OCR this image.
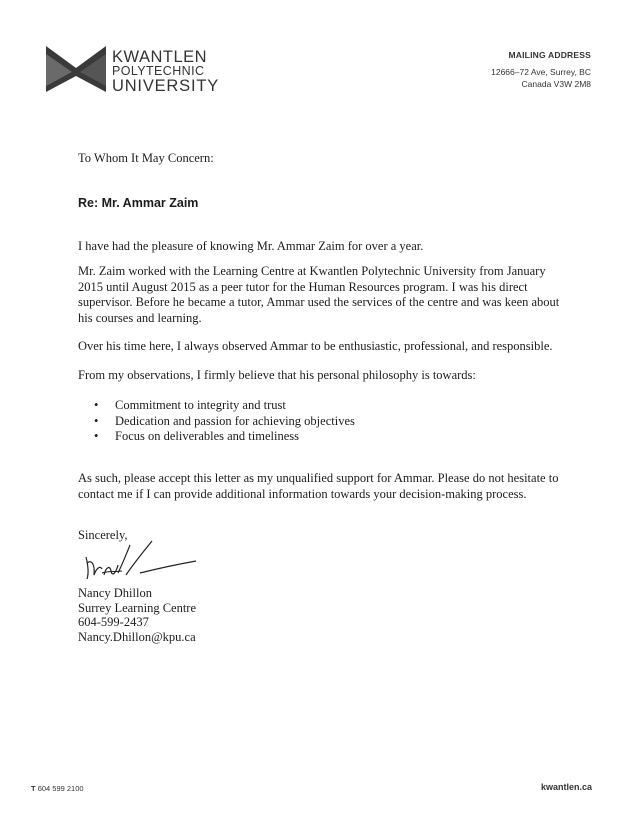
KWANTLEN
POLYTECHNIC
UNIVERSITY
MAILING ADDRESS
12666–72 Ave, Surrey, BC
Canada V3W 2M8
To Whom It May Concern:
Re: Mr. Ammar Zaim
I have had the pleasure of knowing Mr. Ammar Zaim for over a year.
Mr. Zaim worked with the Learning Centre at Kwantlen Polytechnic University from January 2015 until August 2015 as a peer tutor for the Human Resources program. I was his direct supervisor. Before he became a tutor, Ammar used the services of the centre and was keen about his courses and learning.
Over his time here, I always observed Ammar to be enthusiastic, professional, and responsible.
From my observations, I firmly believe that his personal philosophy is towards:
• Commitment to integrity and trust
• Dedication and passion for achieving objectives
• Focus on deliverables and timeliness
As such, please accept this letter as my unqualified support for Ammar. Please do not hesitate to contact me if I can provide additional information towards your decision-making process.
Sincerely,
Nancy Dhillon
Surrey Learning Centre
604-599-2437
Nancy.Dhillon@kpu.ca
T 604 599 2100	kwantlen.ca
